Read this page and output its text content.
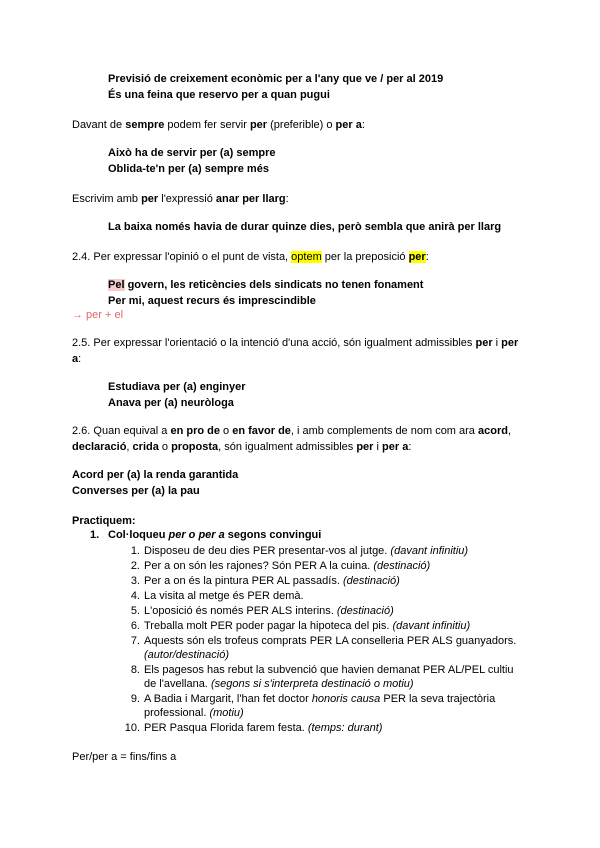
Previsió de creixement econòmic per a l'any que ve / per al 2019
És una feina que reservo per a quan pugui
Davant de sempre podem fer servir per (preferible) o per a:
Això ha de servir per (a) sempre
Oblida-te'n per (a) sempre més
Escrivim amb per l'expressió anar per llarg:
La baixa només havia de durar quinze dies, però sembla que anirà per llarg
2.4. Per expressar l'opinió o el punt de vista, optem per la preposició per:
Pel govern, les reticències dels sindicats no tenen fonament
Per mi, aquest recurs és imprescindible
→ per + el
2.5. Per expressar l'orientació o la intenció d'una acció, són igualment admissibles per i per
a:
Estudiava per (a) enginyer
Anava per (a) neuròloga
2.6. Quan equival a en pro de o en favor de, i amb complements de nom com ara acord,
declaració, crida o proposta, són igualment admissibles per i per a:
Acord per (a) la renda garantida
Converses per (a) la pau
Practiquem:
1. Col·loqueu per o per a segons convingui
1. Disposeu de deu dies PER presentar-vos al jutge. (davant infinitiu)
2. Per a on són les rajones? Són PER A la cuina. (destinació)
3. Per a on és la pintura PER AL passadís. (destinació)
4. La visita al metge és PER demà.
5. L'oposició és només PER ALS interins. (destinació)
6. Treballa molt PER poder pagar la hipoteca del pis. (davant infinitiu)
7. Aquests són els trofeus comprats PER LA conselleria PER ALS guanyadors.
(autor/destinació)
8. Els pagesos has rebut la subvenció que havien demanat PER AL/PEL cultiu
de l'avellana. (segons si s'interpreta destinació o motiu)
9. A Badia i Margarit, l'han fet doctor honoris causa PER la seva trajectòria
professional. (motiu)
10. PER Pasqua Florida farem festa. (temps: durant)
Per/per a = fins/fins a
